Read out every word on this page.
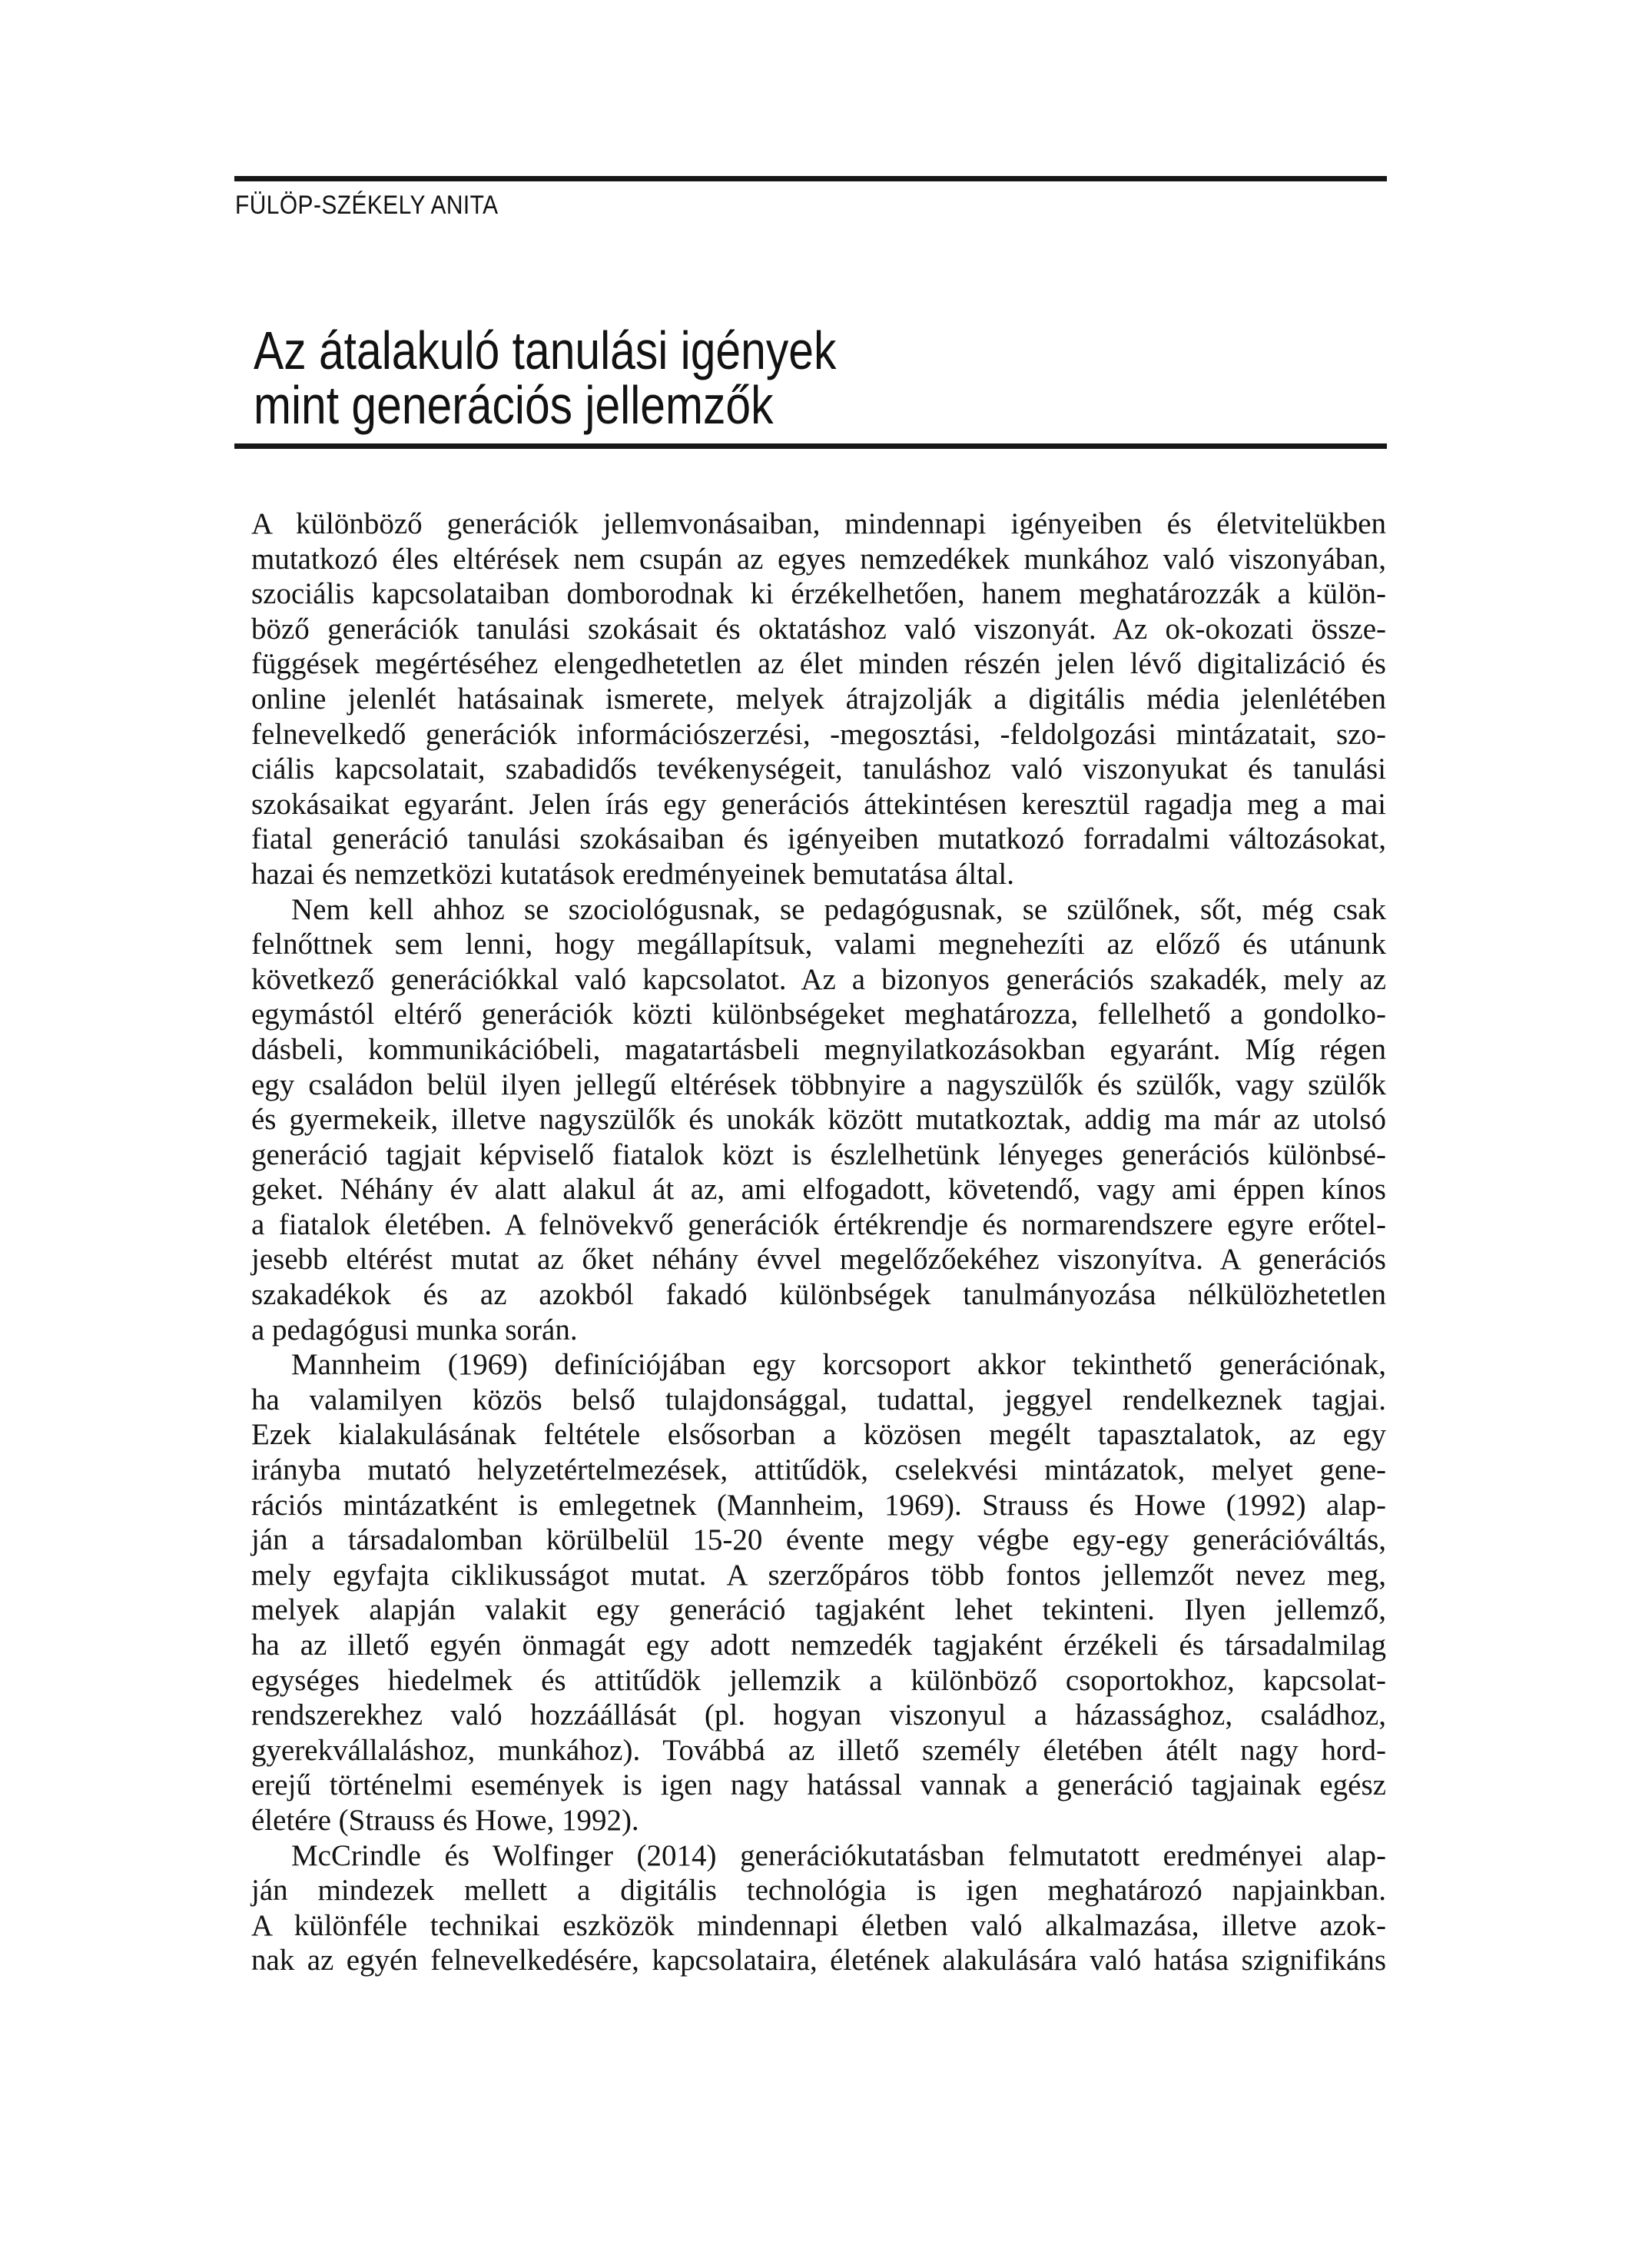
FÜLÖP-SZÉKELY ANITA
Az átalakuló tanulási igények
mint generációs jellemzők
A különböző generációk jellemvonásaiban, mindennapi igényeiben és életvitelükben
mutatkozó éles eltérések nem csupán az egyes nemzedékek munkához való viszonyában,
szociális kapcsolataiban domborodnak ki érzékelhetően, hanem meghatározzák a külön-
böző generációk tanulási szokásait és oktatáshoz való viszonyát. Az ok-okozati össze-
függések megértéséhez elengedhetetlen az élet minden részén jelen lévő digitalizáció és
online jelenlét hatásainak ismerete, melyek átrajzolják a digitális média jelenlétében
felnevelkedő generációk információszerzési, -megosztási, -feldolgozási mintázatait, szo-
ciális kapcsolatait, szabadidős tevékenységeit, tanuláshoz való viszonyukat és tanulási
szokásaikat egyaránt. Jelen írás egy generációs áttekintésen keresztül ragadja meg a mai
fiatal generáció tanulási szokásaiban és igényeiben mutatkozó forradalmi változásokat,
hazai és nemzetközi kutatások eredményeinek bemutatása által.
Nem kell ahhoz se szociológusnak, se pedagógusnak, se szülőnek, sőt, még csak
felnőttnek sem lenni, hogy megállapítsuk, valami megnehezíti az előző és utánunk
következő generációkkal való kapcsolatot. Az a bizonyos generációs szakadék, mely az
egymástól eltérő generációk közti különbségeket meghatározza, fellelhető a gondolko-
dásbeli, kommunikációbeli, magatartásbeli megnyilatkozásokban egyaránt. Míg régen
egy családon belül ilyen jellegű eltérések többnyire a nagyszülők és szülők, vagy szülők
és gyermekeik, illetve nagyszülők és unokák között mutatkoztak, addig ma már az utolsó
generáció tagjait képviselő fiatalok közt is észlelhetünk lényeges generációs különbsé-
geket. Néhány év alatt alakul át az, ami elfogadott, követendő, vagy ami éppen kínos
a fiatalok életében. A felnövekvő generációk értékrendje és normarendszere egyre erőtel-
jesebb eltérést mutat az őket néhány évvel megelőzőekéhez viszonyítva. A generációs
szakadékok és az azokból fakadó különbségek tanulmányozása nélkülözhetetlen
a pedagógusi munka során.
Mannheim (1969) definíciójában egy korcsoport akkor tekinthető generációnak,
ha valamilyen közös belső tulajdonsággal, tudattal, jeggyel rendelkeznek tagjai.
Ezek kialakulásának feltétele elsősorban a közösen megélt tapasztalatok, az egy
irányba mutató helyzetértelmezések, attitűdök, cselekvési mintázatok, melyet gene-
rációs mintázatként is emlegetnek (Mannheim, 1969). Strauss és Howe (1992) alap-
ján a társadalomban körülbelül 15-20 évente megy végbe egy-egy generációváltás,
mely egyfajta ciklikusságot mutat. A szerzőpáros több fontos jellemzőt nevez meg,
melyek alapján valakit egy generáció tagjaként lehet tekinteni. Ilyen jellemző,
ha az illető egyén önmagát egy adott nemzedék tagjaként érzékeli és társadalmilag
egységes hiedelmek és attitűdök jellemzik a különböző csoportokhoz, kapcsolat-
rendszerekhez való hozzáállását (pl. hogyan viszonyul a házassághoz, családhoz,
gyerekvállaláshoz, munkához). Továbbá az illető személy életében átélt nagy hord-
erejű történelmi események is igen nagy hatással vannak a generáció tagjainak egész
életére (Strauss és Howe, 1992).
McCrindle és Wolfinger (2014) generációkutatásban felmutatott eredményei alap-
ján mindezek mellett a digitális technológia is igen meghatározó napjainkban.
A különféle technikai eszközök mindennapi életben való alkalmazása, illetve azok-
nak az egyén felnevelkedésére, kapcsolataira, életének alakulására való hatása szignifikáns
